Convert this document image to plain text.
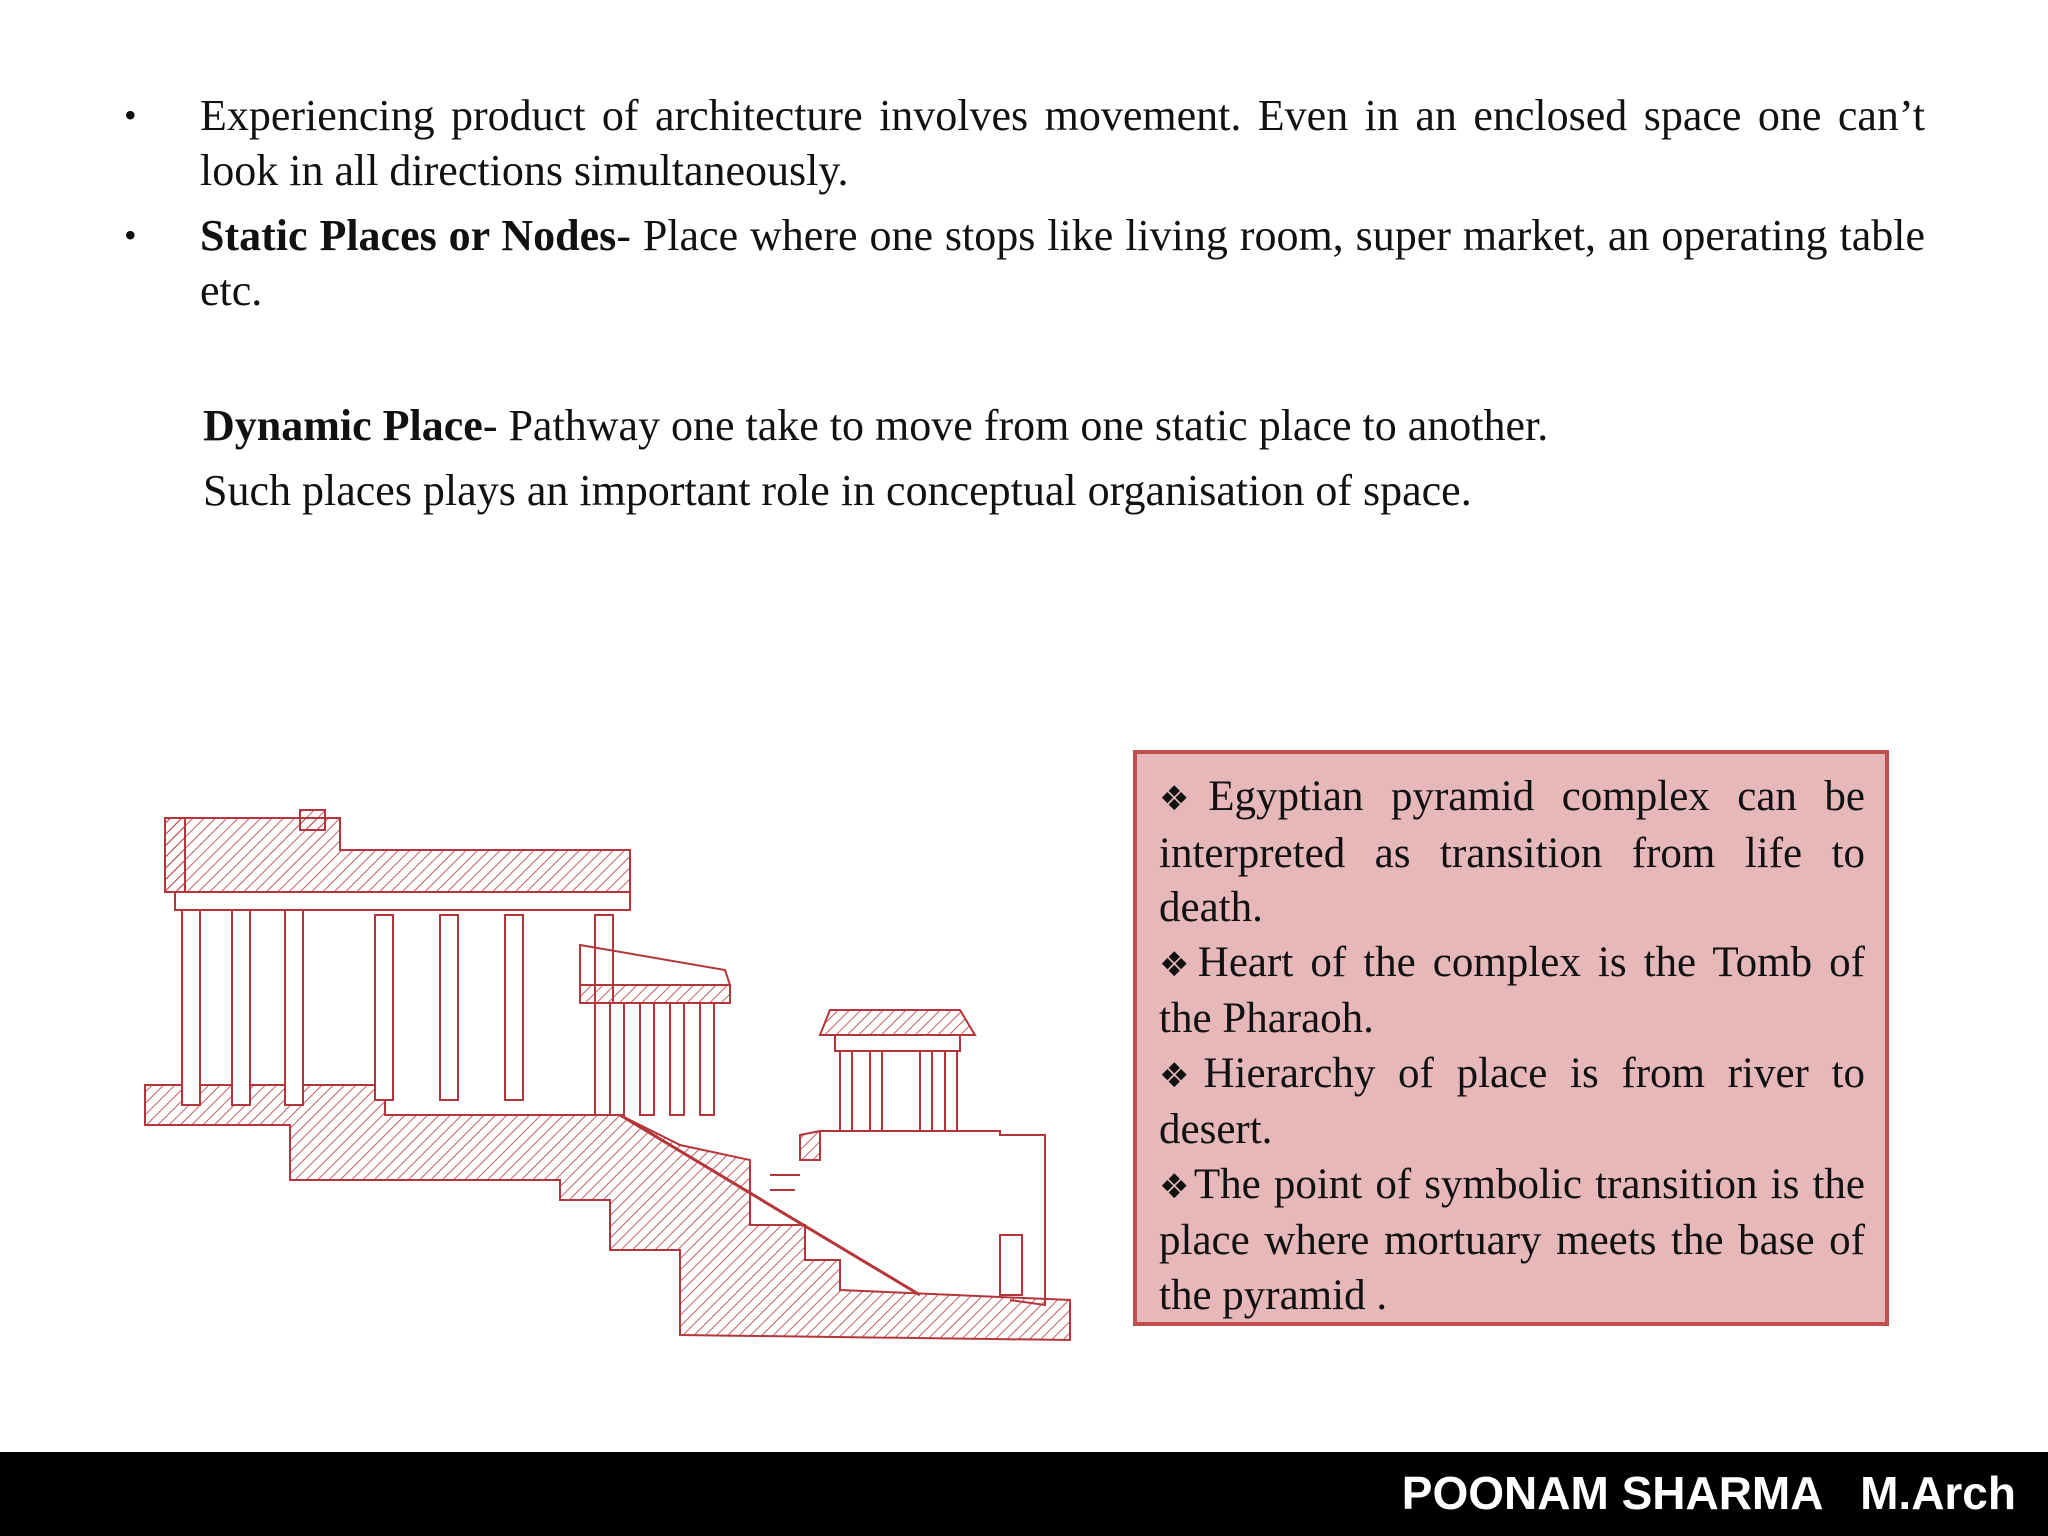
• Experiencing product of architecture involves movement. Even in an enclosed space one can’t look in all directions simultaneously.
• Static Places or Nodes- Place where one stops like living room, super market, an operating table etc.
Dynamic Place- Pathway one take to move from one static place to another.
Such places plays an important role in conceptual organisation of space.
❖Egyptian pyramid complex can be interpreted as transition from life to death.
❖Heart of the complex is the Tomb of the Pharaoh.
❖Hierarchy of place is from river to desert.
❖The point of symbolic transition is the place where mortuary meets the base of the pyramid .
POONAM SHARMA   M.Arch
